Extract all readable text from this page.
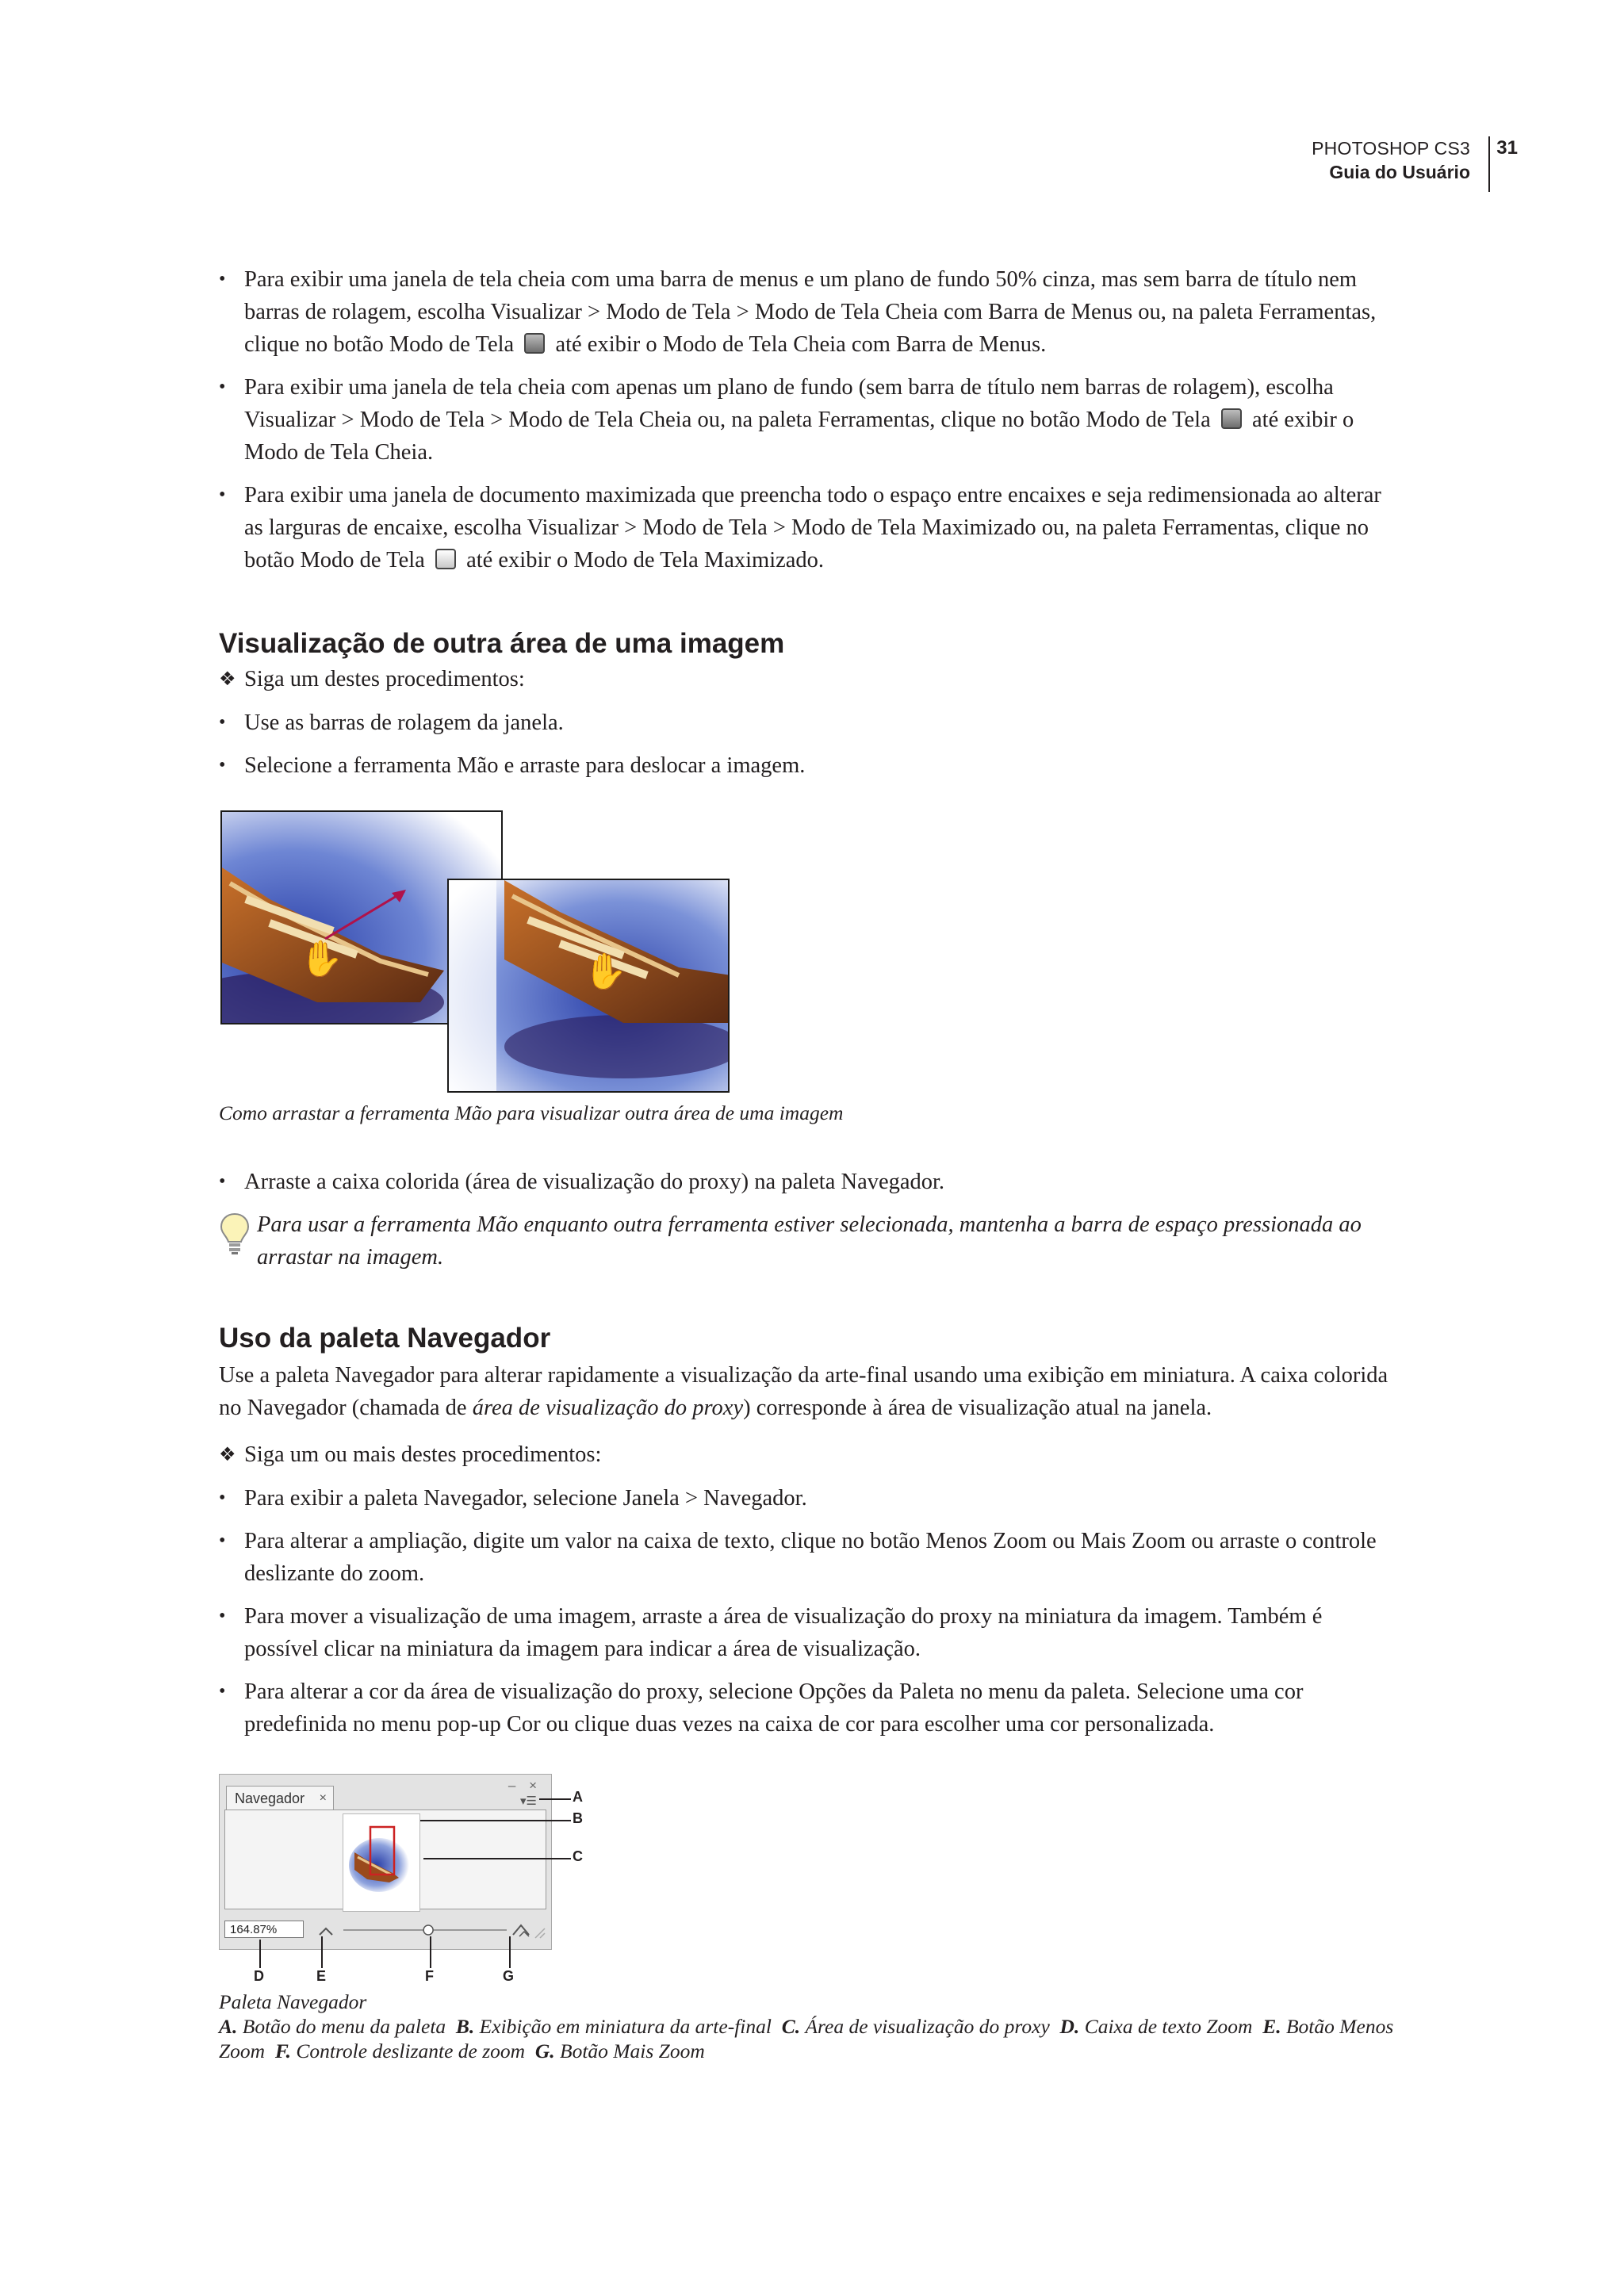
PHOTOSHOP CS3
Guia do Usuário
31
• Para exibir uma janela de tela cheia com uma barra de menus e um plano de fundo 50% cinza, mas sem barra de título nem barras de rolagem, escolha Visualizar > Modo de Tela > Modo de Tela Cheia com Barra de Menus ou, na paleta Ferramentas, clique no botão Modo de Tela até exibir o Modo de Tela Cheia com Barra de Menus.
• Para exibir uma janela de tela cheia com apenas um plano de fundo (sem barra de título nem barras de rolagem), escolha Visualizar > Modo de Tela > Modo de Tela Cheia ou, na paleta Ferramentas, clique no botão Modo de Tela até exibir o Modo de Tela Cheia.
• Para exibir uma janela de documento maximizada que preencha todo o espaço entre encaixes e seja redimensionada ao alterar as larguras de encaixe, escolha Visualizar > Modo de Tela > Modo de Tela Maximizado ou, na paleta Ferramentas, clique no botão Modo de Tela até exibir o Modo de Tela Maximizado.
Visualização de outra área de uma imagem
❖ Siga um destes procedimentos:
• Use as barras de rolagem da janela.
• Selecione a ferramenta Mão e arraste para deslocar a imagem.
✋	✋
Como arrastar a ferramenta Mão para visualizar outra área de uma imagem
• Arraste a caixa colorida (área de visualização do proxy) na paleta Navegador.
Para usar a ferramenta Mão enquanto outra ferramenta estiver selecionada, mantenha a barra de espaço pressionada ao arrastar na imagem.
Uso da paleta Navegador
Use a paleta Navegador para alterar rapidamente a visualização da arte-final usando uma exibição em miniatura. A caixa colorida no Navegador (chamada de área de visualização do proxy) corresponde à área de visualização atual na janela.
❖ Siga um ou mais destes procedimentos:
• Para exibir a paleta Navegador, selecione Janela > Navegador.
• Para alterar a ampliação, digite um valor na caixa de texto, clique no botão Menos Zoom ou Mais Zoom ou arraste o controle deslizante do zoom.
• Para mover a visualização de uma imagem, arraste a área de visualização do proxy na miniatura da imagem. Também é possível clicar na miniatura da imagem para indicar a área de visualização.
• Para alterar a cor da área de visualização do proxy, selecione Opções da Paleta no menu da paleta. Selecione uma cor predefinida no menu pop-up Cor ou clique duas vezes na caixa de cor para escolher uma cor personalizada.
– ×
Navegador ×	▾☰
164.87%
A
B
C
D	E	F	G
Paleta Navegador
A. Botão do menu da paleta B. Exibição em miniatura da arte-final C. Área de visualização do proxy D. Caixa de texto Zoom E. Botão Menos Zoom F. Controle deslizante de zoom G. Botão Mais Zoom
